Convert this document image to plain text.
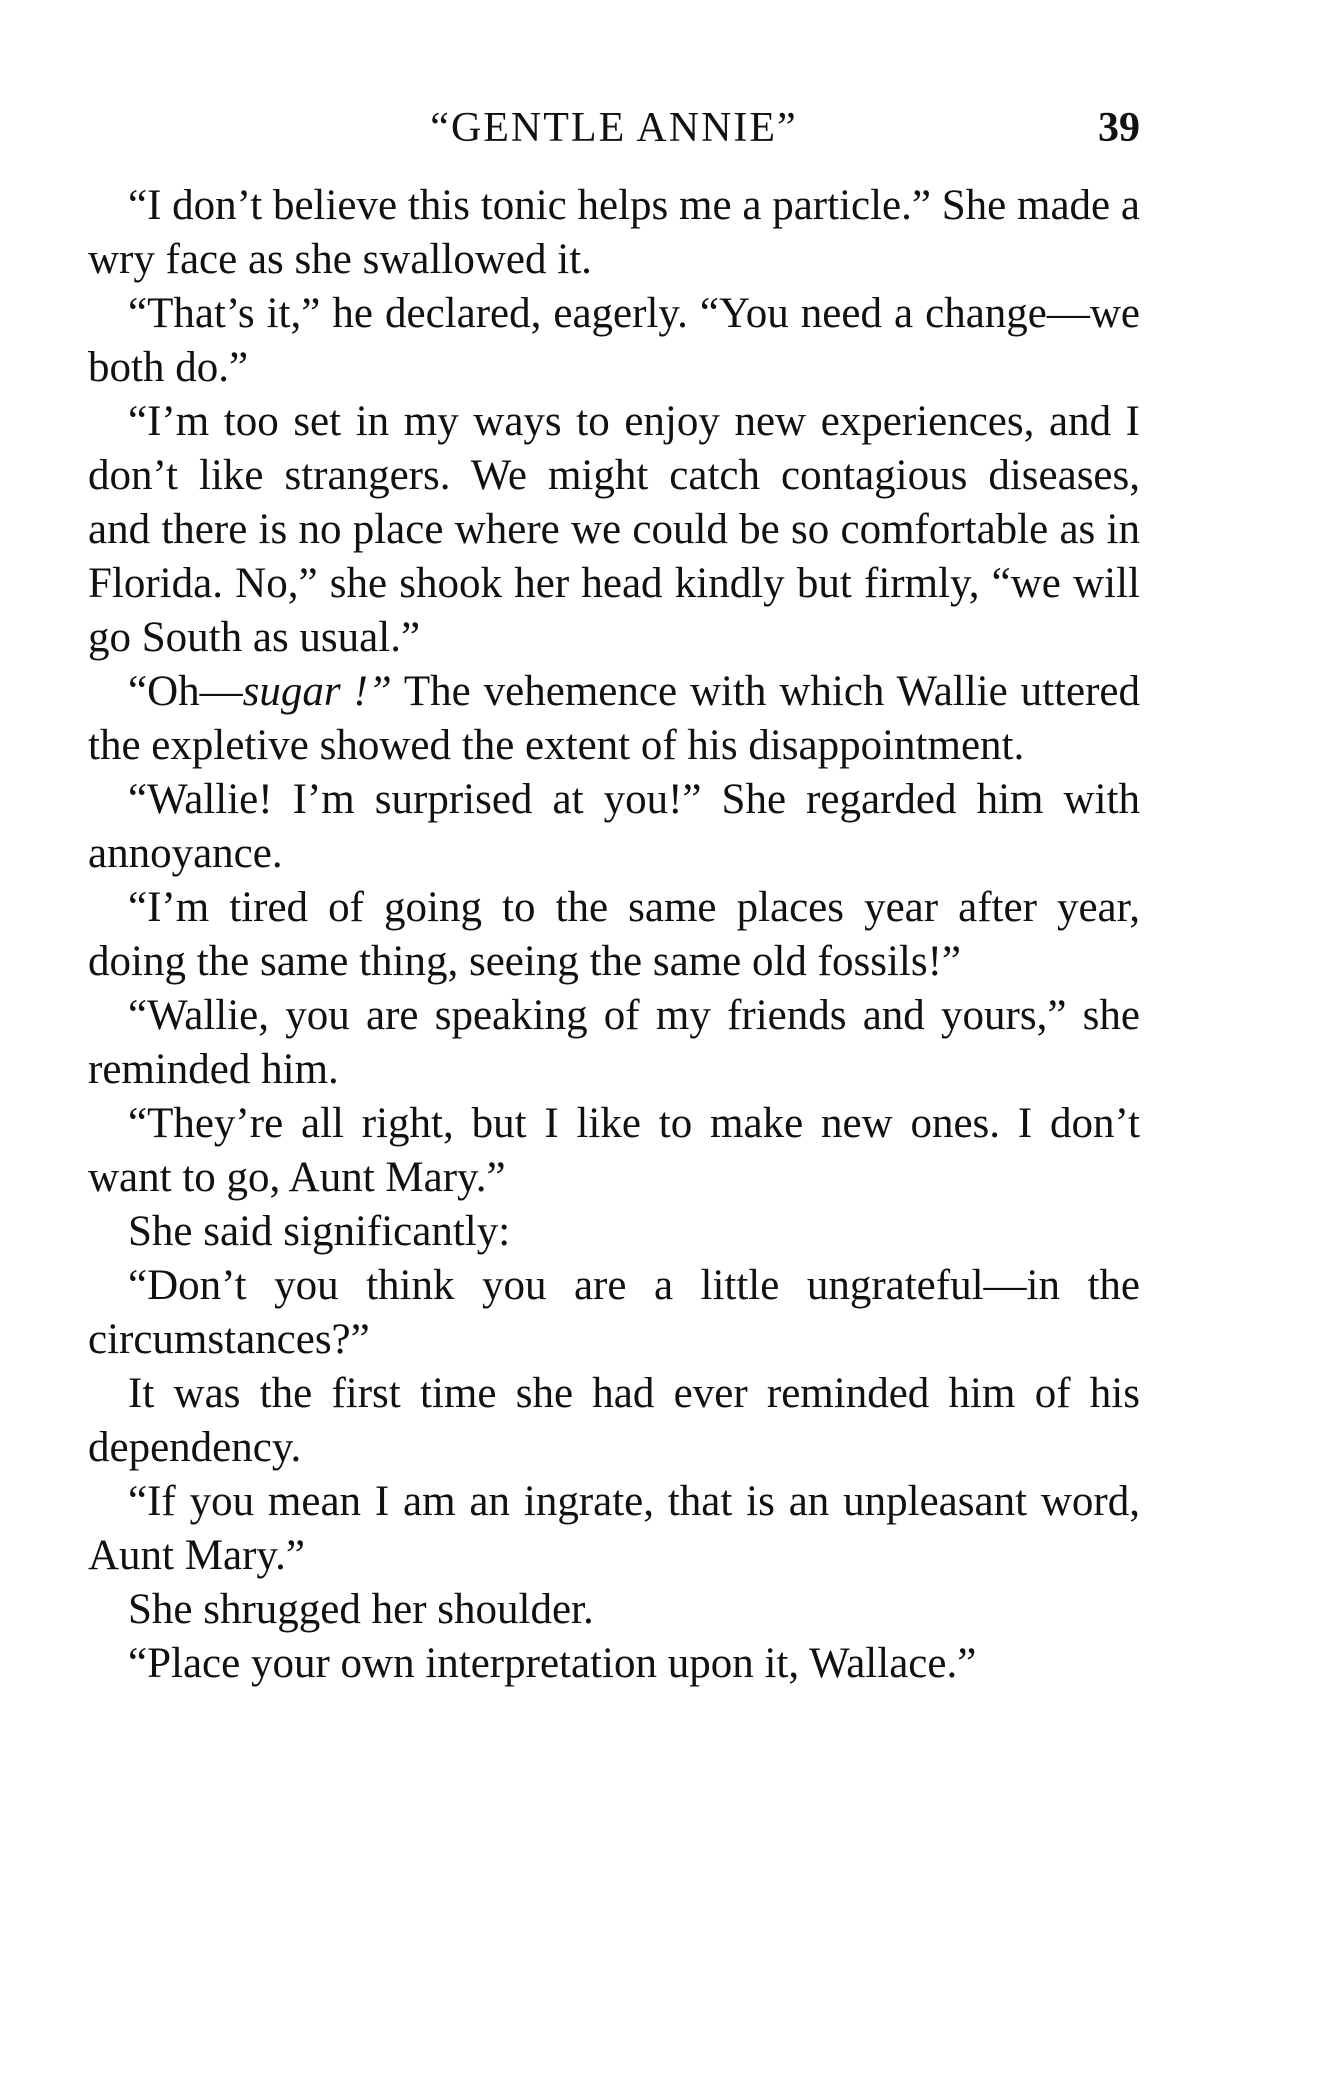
“GENTLE ANNIE”	39

“I don’t believe this tonic helps me a particle.” She made a wry face as she swallowed it.

“That’s it,” he declared, eagerly. “You need a change—we both do.”

“I’m too set in my ways to enjoy new experiences, and I don’t like strangers. We might catch contagious diseases, and there is no place where we could be so comfortable as in Florida. No,” she shook her head kindly but firmly, “we will go South as usual.”

“Oh—sugar !” The vehemence with which Wallie uttered the expletive showed the extent of his disappointment.

“Wallie! I’m surprised at you!” She regarded him with annoyance.

“I’m tired of going to the same places year after year, doing the same thing, seeing the same old fossils!”

“Wallie, you are speaking of my friends and yours,” she reminded him.

“They’re all right, but I like to make new ones. I don’t want to go, Aunt Mary.”

She said significantly:

“Don’t you think you are a little ungrateful—in the circumstances?”

It was the first time she had ever reminded him of his dependency.

“If you mean I am an ingrate, that is an unpleasant word, Aunt Mary.”

She shrugged her shoulder.

“Place your own interpretation upon it, Wallace.”
